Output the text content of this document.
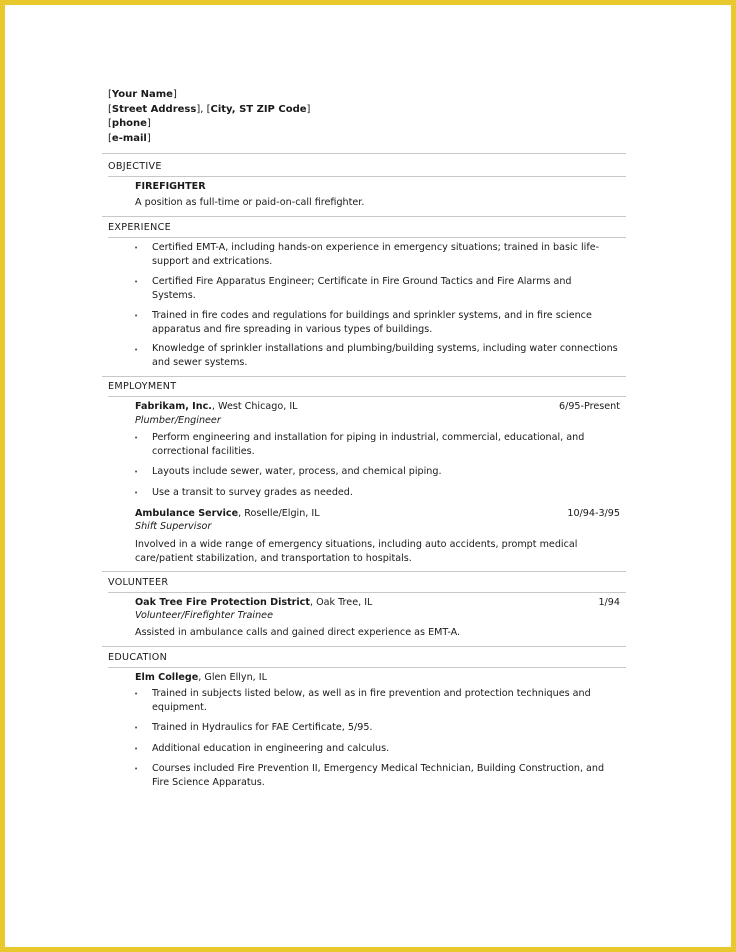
[Your Name]
[Street Address], [City, ST ZIP Code]
[phone]
[e-mail]
OBJECTIVE
FIREFIGHTER
A position as full-time or paid-on-call firefighter.
EXPERIENCE
• Certified EMT-A, including hands-on experience in emergency situations; trained in basic life-
support and extrications.
• Certified Fire Apparatus Engineer; Certificate in Fire Ground Tactics and Fire Alarms and
Systems.
• Trained in fire codes and regulations for buildings and sprinkler systems, and in fire science
apparatus and fire spreading in various types of buildings.
• Knowledge of sprinkler installations and plumbing/building systems, including water connections
and sewer systems.
EMPLOYMENT
Fabrikam, Inc., West Chicago, IL	6/95-Present
Plumber/Engineer
• Perform engineering and installation for piping in industrial, commercial, educational, and
correctional facilities.
• Layouts include sewer, water, process, and chemical piping.
• Use a transit to survey grades as needed.
Ambulance Service, Roselle/Elgin, IL	10/94-3/95
Shift Supervisor
Involved in a wide range of emergency situations, including auto accidents, prompt medical
care/patient stabilization, and transportation to hospitals.
VOLUNTEER
Oak Tree Fire Protection District, Oak Tree, IL	1/94
Volunteer/Firefighter Trainee
Assisted in ambulance calls and gained direct experience as EMT-A.
EDUCATION
Elm College, Glen Ellyn, IL
• Trained in subjects listed below, as well as in fire prevention and protection techniques and
equipment.
• Trained in Hydraulics for FAE Certificate, 5/95.
• Additional education in engineering and calculus.
• Courses included Fire Prevention II, Emergency Medical Technician, Building Construction, and
Fire Science Apparatus.
